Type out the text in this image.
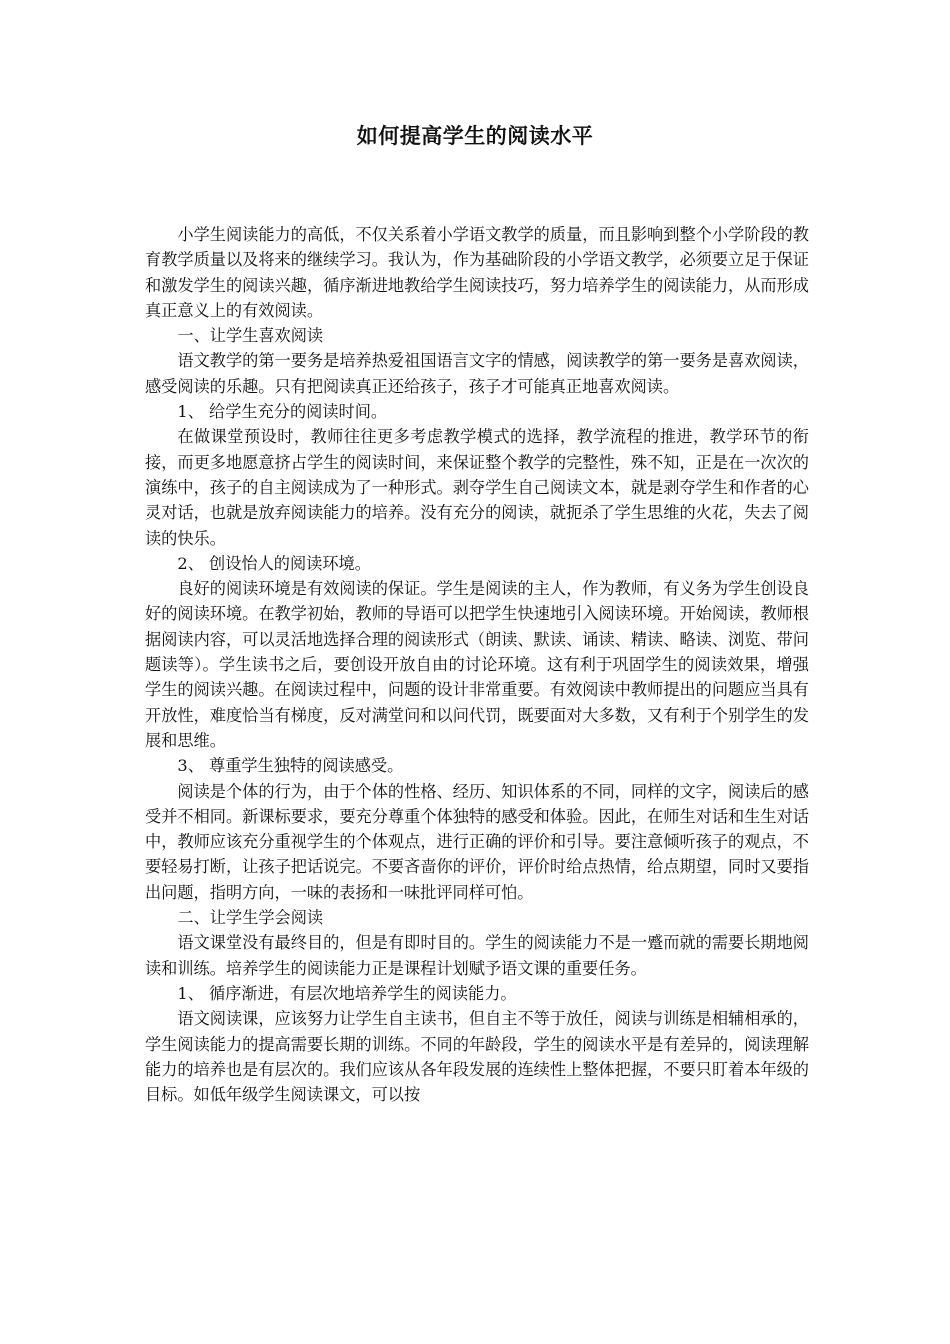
如何提高学生的阅读水平

小学生阅读能力的高低，不仅关系着小学语文教学的质量，而且影响到整个小学阶段的教育教学质量以及将来的继续学习。我认为，作为基础阶段的小学语文教学，必须要立足于保证和激发学生的阅读兴趣，循序渐进地教给学生阅读技巧，努力培养学生的阅读能力，从而形成真正意义上的有效阅读。

一、让学生喜欢阅读

语文教学的第一要务是培养热爱祖国语言文字的情感，阅读教学的第一要务是喜欢阅读，感受阅读的乐趣。只有把阅读真正还给孩子，孩子才可能真正地喜欢阅读。

1、 给学生充分的阅读时间。

在做课堂预设时，教师往往更多考虑教学模式的选择，教学流程的推进，教学环节的衔接，而更多地愿意挤占学生的阅读时间，来保证整个教学的完整性，殊不知，正是在一次次的演练中，孩子的自主阅读成为了一种形式。剥夺学生自己阅读文本，就是剥夺学生和作者的心灵对话，也就是放弃阅读能力的培养。没有充分的阅读，就扼杀了学生思维的火花，失去了阅读的快乐。

2、 创设怡人的阅读环境。

良好的阅读环境是有效阅读的保证。学生是阅读的主人，作为教师，有义务为学生创设良好的阅读环境。在教学初始，教师的导语可以把学生快速地引入阅读环境。开始阅读，教师根据阅读内容，可以灵活地选择合理的阅读形式（朗读、默读、诵读、精读、略读、浏览、带问题读等）。学生读书之后，要创设开放自由的讨论环境。这有利于巩固学生的阅读效果，增强学生的阅读兴趣。在阅读过程中，问题的设计非常重要。有效阅读中教师提出的问题应当具有开放性，难度恰当有梯度，反对满堂问和以问代罚，既要面对大多数，又有利于个别学生的发展和思维。

3、 尊重学生独特的阅读感受。

阅读是个体的行为，由于个体的性格、经历、知识体系的不同，同样的文字，阅读后的感受并不相同。新课标要求，要充分尊重个体独特的感受和体验。因此，在师生对话和生生对话中，教师应该充分重视学生的个体观点，进行正确的评价和引导。要注意倾听孩子的观点，不要轻易打断，让孩子把话说完。不要吝啬你的评价，评价时给点热情，给点期望，同时又要指出问题，指明方向，一味的表扬和一味批评同样可怕。

二、让学生学会阅读

语文课堂没有最终目的，但是有即时目的。学生的阅读能力不是一蹙而就的需要长期地阅读和训练。培养学生的阅读能力正是课程计划赋予语文课的重要任务。

1、 循序渐进，有层次地培养学生的阅读能力。

语文阅读课，应该努力让学生自主读书，但自主不等于放任，阅读与训练是相辅相承的，学生阅读能力的提高需要长期的训练。不同的年龄段，学生的阅读水平是有差异的，阅读理解能力的培养也是有层次的。我们应该从各年段发展的连续性上整体把握，不要只盯着本年级的目标。如低年级学生阅读课文，可以按
